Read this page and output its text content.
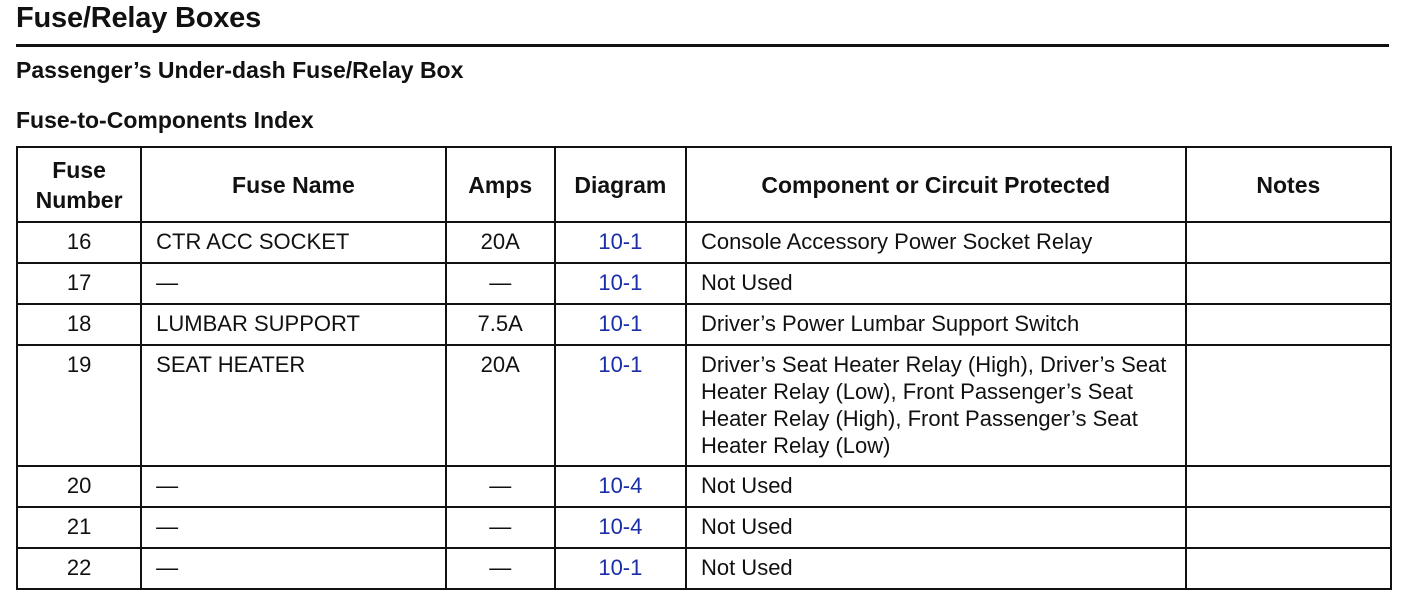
Fuse/Relay Boxes
Passenger’s Under-dash Fuse/Relay Box
Fuse-to-Components Index
Fuse
Number	Fuse Name	Amps	Diagram	Component or Circuit Protected	Notes
16	CTR ACC SOCKET	20A	10-1	Console Accessory Power Socket Relay	
17	—	—	10-1	Not Used	
18	LUMBAR SUPPORT	7.5A	10-1	Driver’s Power Lumbar Support Switch	
19	SEAT HEATER	20A	10-1	Driver’s Seat Heater Relay (High), Driver’s Seat Heater Relay (Low), Front Passenger’s Seat Heater Relay (High), Front Passenger’s Seat Heater Relay (Low)	
20	—	—	10-4	Not Used	
21	—	—	10-4	Not Used	
22	—	—	10-1	Not Used	
